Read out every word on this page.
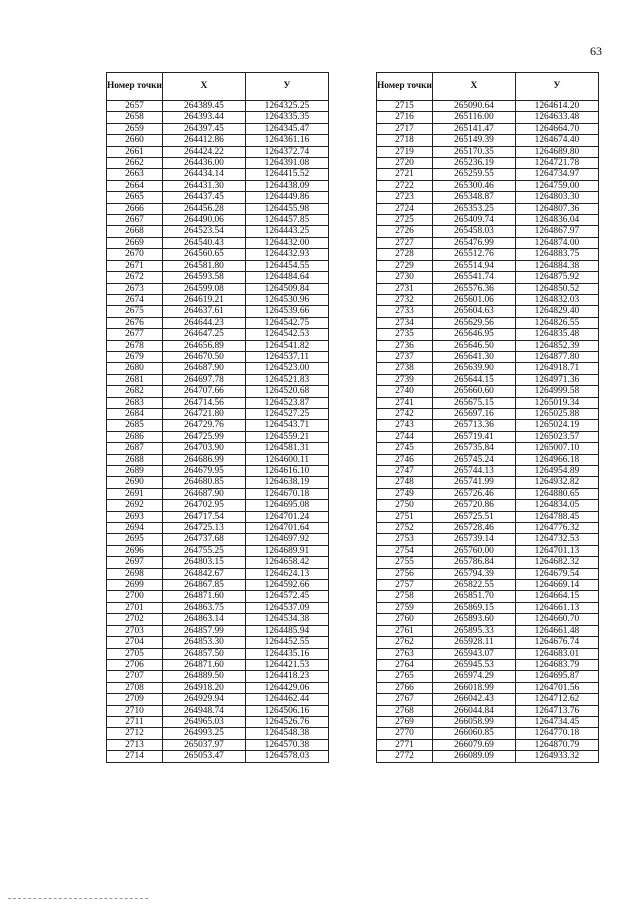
63
Номер точки	X	У
2657	264389.45	1264325.25
2658	264393.44	1264335.35
2659	264397.45	1264345.47
2660	264412.86	1264361.16
2661	264424.22	1264372.74
2662	264436.00	1264391.08
2663	264434.14	1264415.52
2664	264431.30	1264438.09
2665	264437.45	1264449.86
2666	264456.28	1264455.98
2667	264490.06	1264457.85
2668	264523.54	1264443.25
2669	264540.43	1264432.00
2670	264560.65	1264432.93
2671	264581.80	1264454.55
2672	264593.58	1264484.64
2673	264599.08	1264509.84
2674	264619.21	1264530.96
2675	264637.61	1264539.66
2676	264644.23	1264542.75
2677	264647.25	1264542.53
2678	264656.89	1264541.82
2679	264670.50	1264537.11
2680	264687.90	1264523.00
2681	264697.78	1264521.83
2682	264707.66	1264520.68
2683	264714.56	1264523.87
2684	264721.80	1264527.25
2685	264729.76	1264543.71
2686	264725.99	1264559.21
2687	264703.90	1264581.31
2688	264686.99	1264600.11
2689	264679.95	1264616.10
2690	264680.85	1264638.19
2691	264687.90	1264670.18
2692	264702.95	1264695.08
2693	264717.54	1264701.24
2694	264725.13	1264701.64
2695	264737.68	1264697.92
2696	264755.25	1264689.91
2697	264803.15	1264658.42
2698	264842.67	1264624.13
2699	264867.85	1264592.66
2700	264871.60	1264572.45
2701	264863.75	1264537.09
2702	264863.14	1264534.38
2703	264857.99	1264485.94
2704	264853.30	1264452.55
2705	264857.50	1264435.16
2706	264871.60	1264421.53
2707	264889.50	1264418.23
2708	264918.20	1264429.06
2709	264929.94	1264462.44
2710	264948.74	1264506.16
2711	264965.03	1264526.76
2712	264993.25	1264548.38
2713	265037.97	1264570.38
2714	265053.47	1264578.03
Номер точки	X	У
2715	265090.64	1264614.20
2716	265116.00	1264633.48
2717	265141.47	1264664.70
2718	265149.39	1264674.40
2719	265170.35	1264689.80
2720	265236.19	1264721.78
2721	265259.55	1264734.97
2722	265300.46	1264759.00
2723	265348.87	1264803.30
2724	265353.25	1264807.36
2725	265409.74	1264836.04
2726	265458.03	1264867.97
2727	265476.99	1264874.00
2728	265512.76	1264883.75
2729	265514.94	1264884.38
2730	265541.74	1264875.92
2731	265576.36	1264850.52
2732	265601.06	1264832.03
2733	265604.63	1264829.40
2734	265629.56	1264826.55
2735	265646.95	1264835.48
2736	265646.50	1264852.39
2737	265641.30	1264877.80
2738	265639.90	1264918.71
2739	265644.15	1264971.36
2740	265660.60	1264999.58
2741	265675.15	1265019.34
2742	265697.16	1265025.88
2743	265713.36	1265024.19
2744	265719.41	1265023.57
2745	265735.84	1265007.10
2746	265745.24	1264966.18
2747	265744.13	1264954.89
2748	265741.99	1264932.82
2749	265726.46	1264880.65
2750	265720.86	1264834.05
2751	265725.51	1264788.45
2752	265728.46	1264776.32
2753	265739.14	1264732.53
2754	265760.00	1264701.13
2755	265786.84	1264682.32
2756	265794.39	1264679.54
2757	265822.55	1264669.14
2758	265851.70	1264664.15
2759	265869.15	1264661.13
2760	265893.60	1264660.70
2761	265895.33	1264661.48
2762	265928.11	1264676.74
2763	265943.07	1264683.01
2764	265945.53	1264683.79
2765	265974.29	1264695.87
2766	266018.99	1264701.56
2767	266042.43	1264712.62
2768	266044.84	1264713.76
2769	266058.99	1264734.45
2770	266060.85	1264770.18
2771	266079.69	1264870.79
2772	266089.09	1264933.32
